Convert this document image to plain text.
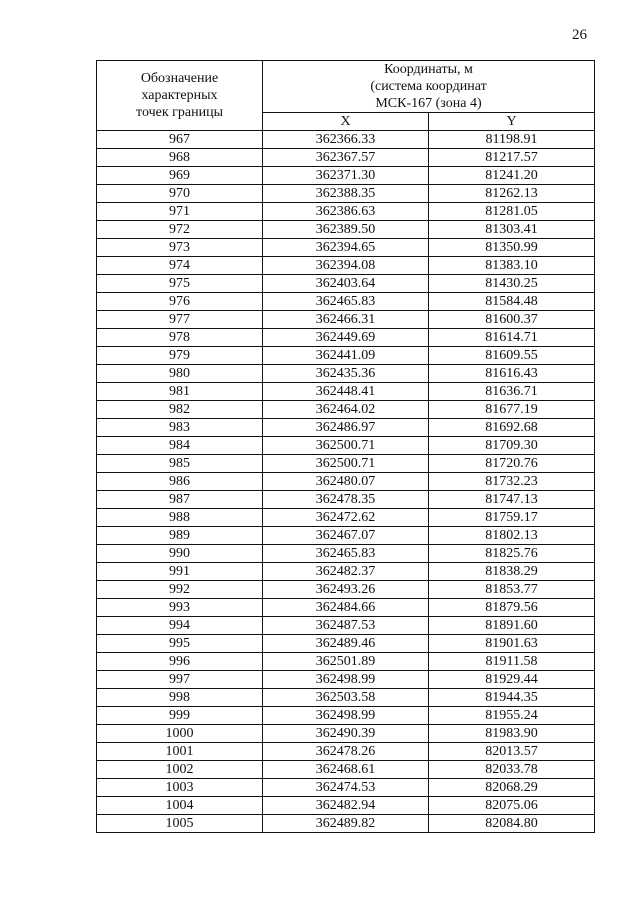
26
Обозначение
характерных
точек границы	Координаты, м
(система координат
МСК-167 (зона 4)	

	X	Y
967	362366.33	81198.91
968	362367.57	81217.57
969	362371.30	81241.20
970	362388.35	81262.13
971	362386.63	81281.05
972	362389.50	81303.41
973	362394.65	81350.99
974	362394.08	81383.10
975	362403.64	81430.25
976	362465.83	81584.48
977	362466.31	81600.37
978	362449.69	81614.71
979	362441.09	81609.55
980	362435.36	81616.43
981	362448.41	81636.71
982	362464.02	81677.19
983	362486.97	81692.68
984	362500.71	81709.30
985	362500.71	81720.76
986	362480.07	81732.23
987	362478.35	81747.13
988	362472.62	81759.17
989	362467.07	81802.13
990	362465.83	81825.76
991	362482.37	81838.29
992	362493.26	81853.77
993	362484.66	81879.56
994	362487.53	81891.60
995	362489.46	81901.63
996	362501.89	81911.58
997	362498.99	81929.44
998	362503.58	81944.35
999	362498.99	81955.24
1000	362490.39	81983.90
1001	362478.26	82013.57
1002	362468.61	82033.78
1003	362474.53	82068.29
1004	362482.94	82075.06
1005	362489.82	82084.80
